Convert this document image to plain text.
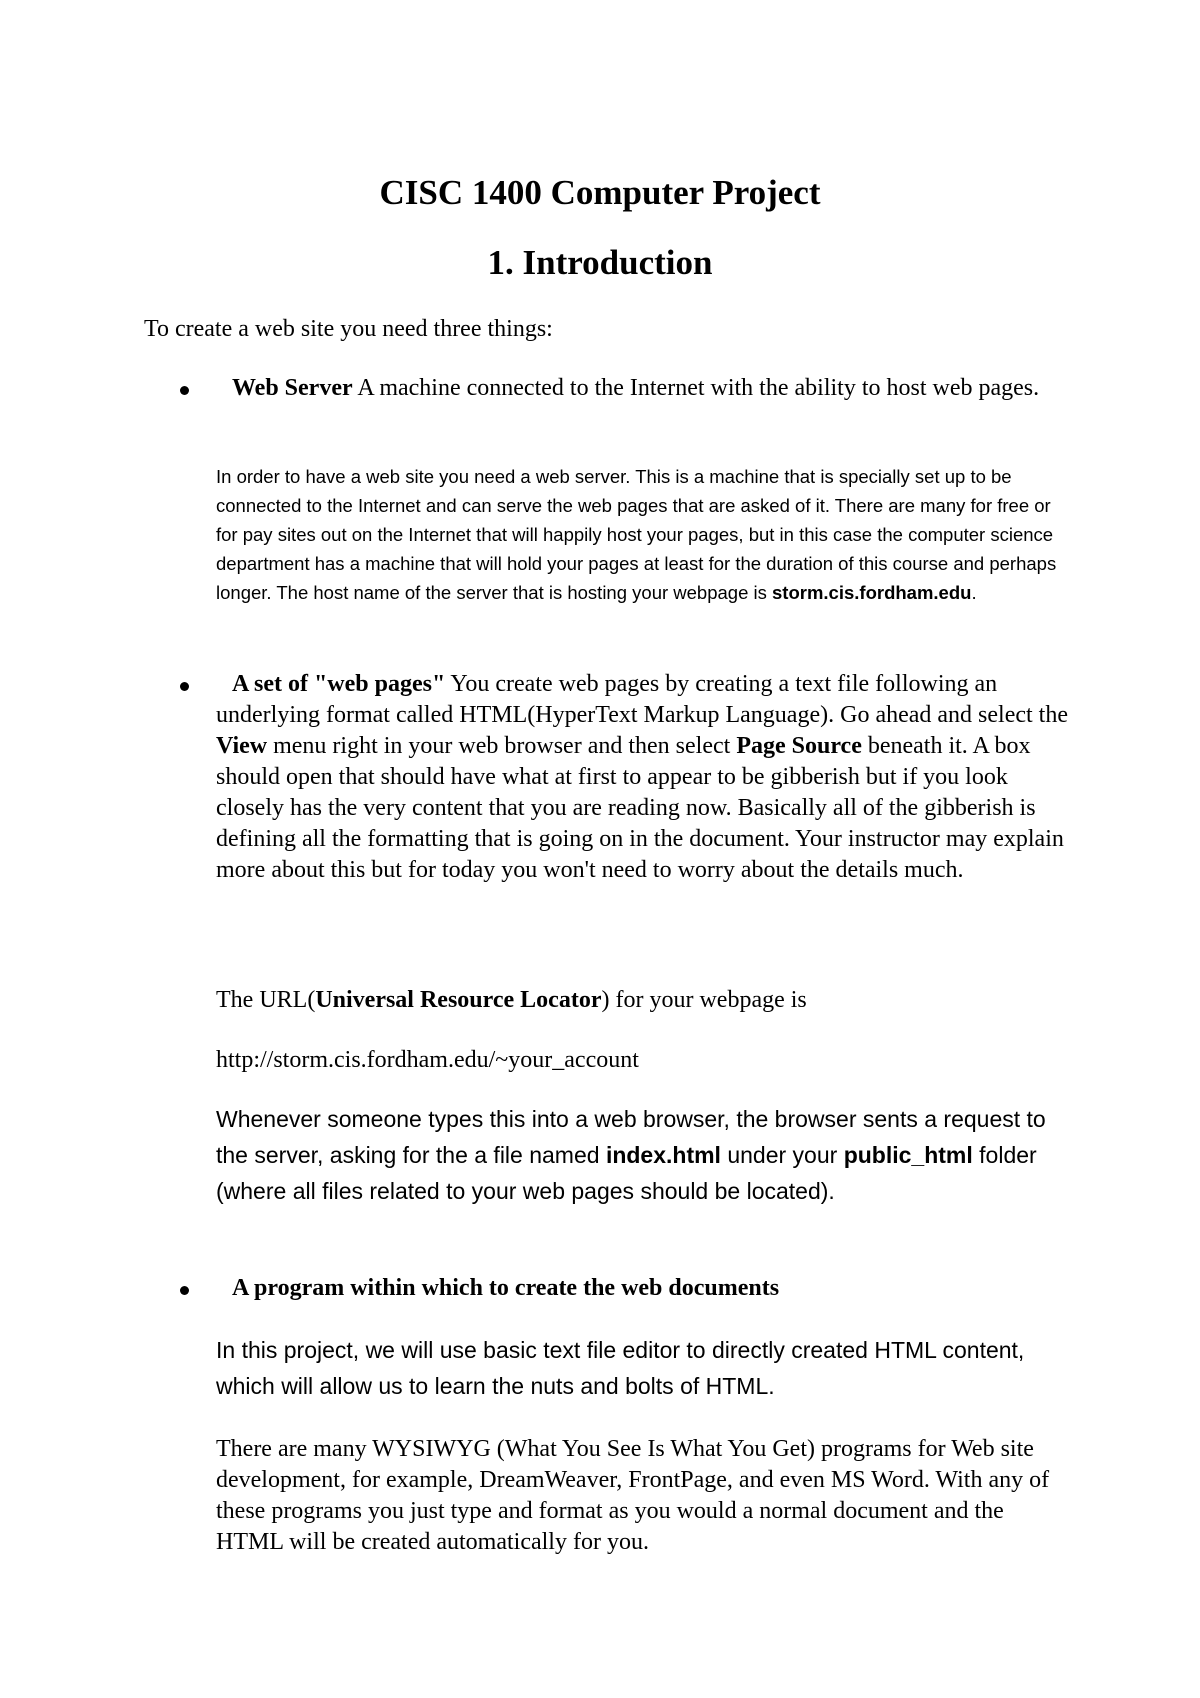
CISC 1400 Computer Project
1. Introduction

To create a web site you need three things:

Web Server A machine connected to the Internet with the ability to host web pages.

In order to have a web site you need a web server. This is a machine that is specially set up to be connected to the Internet and can serve the web pages that are asked of it. There are many for free or for pay sites out on the Internet that will happily host your pages, but in this case the computer science department has a machine that will hold your pages at least for the duration of this course and perhaps longer. The host name of the server that is hosting your webpage is storm.cis.fordham.edu.

A set of "web pages" You create web pages by creating a text file following an underlying format called HTML(HyperText Markup Language). Go ahead and select the View menu right in your web browser and then select Page Source beneath it. A box should open that should have what at first to appear to be gibberish but if you look closely has the very content that you are reading now. Basically all of the gibberish is defining all the formatting that is going on in the document. Your instructor may explain more about this but for today you won't need to worry about the details much.

The URL(Universal Resource Locator) for your webpage is

http://storm.cis.fordham.edu/~your_account

Whenever someone types this into a web browser, the browser sents a request to the server, asking for the a file named index.html under your public_html folder (where all files related to your web pages should be located).

A program within which to create the web documents

In this project, we will use basic text file editor to directly created HTML content, which will allow us to learn the nuts and bolts of HTML.

There are many WYSIWYG (What You See Is What You Get) programs for Web site development, for example, DreamWeaver, FrontPage, and even MS Word. With any of these programs you just type and format as you would a normal document and the HTML will be created automatically for you.
